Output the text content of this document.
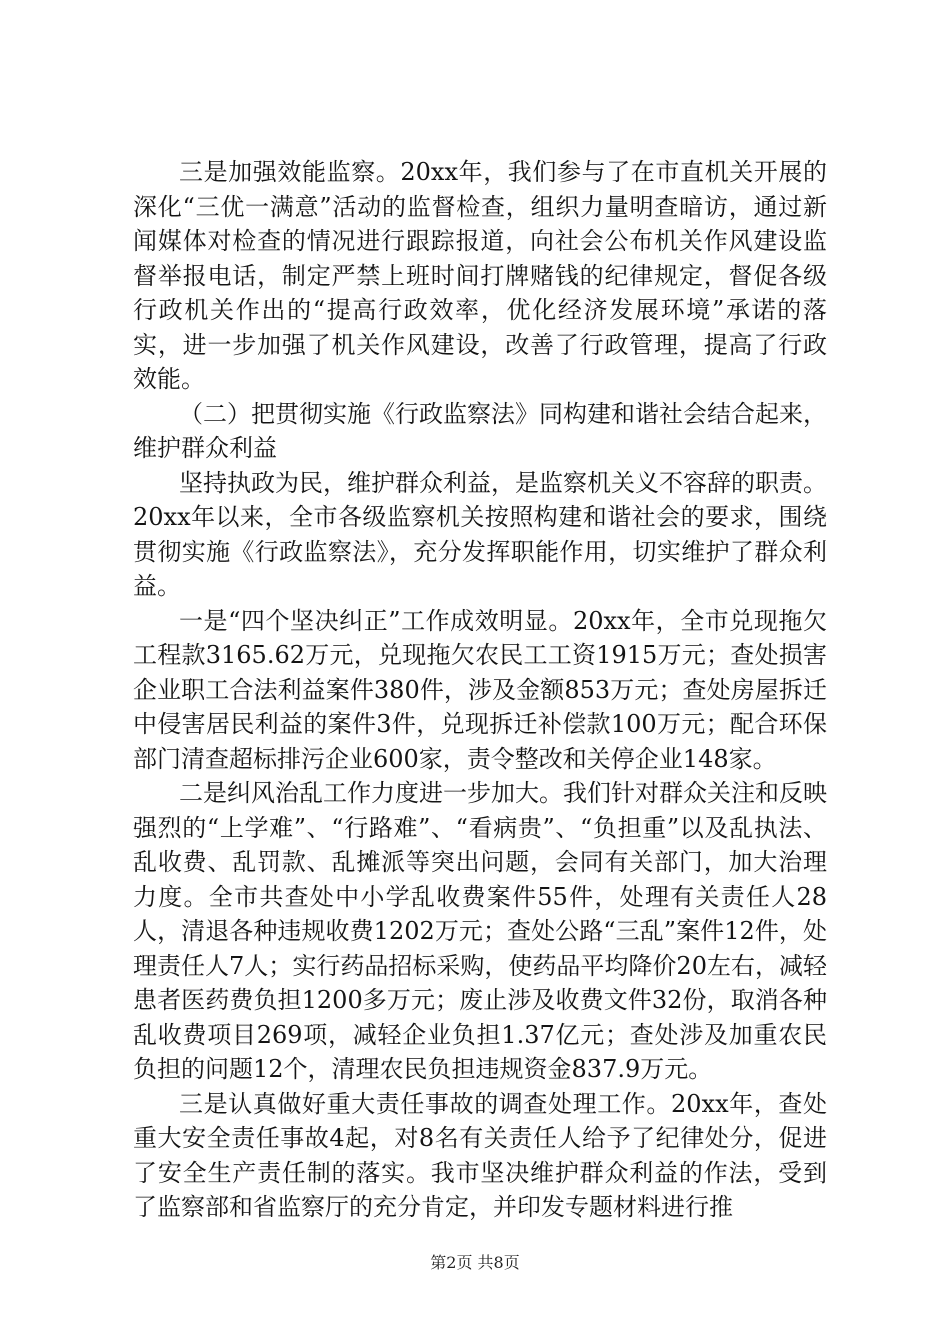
三是加强效能监察。20xx年，我们参与了在市直机关开展的深化“三优一满意”活动的监督检查，组织力量明查暗访，通过新闻媒体对检查的情况进行跟踪报道，向社会公布机关作风建设监督举报电话，制定严禁上班时间打牌赌钱的纪律规定，督促各级行政机关作出的“提高行政效率，优化经济发展环境”承诺的落实，进一步加强了机关作风建设，改善了行政管理，提高了行政效能。

（二）把贯彻实施《行政监察法》同构建和谐社会结合起来，维护群众利益

坚持执政为民，维护群众利益，是监察机关义不容辞的职责。20xx年以来，全市各级监察机关按照构建和谐社会的要求，围绕贯彻实施《行政监察法》，充分发挥职能作用，切实维护了群众利益。

一是“四个坚决纠正”工作成效明显。20xx年，全市兑现拖欠工程款3165.62万元，兑现拖欠农民工工资1915万元；查处损害企业职工合法利益案件380件，涉及金额853万元；查处房屋拆迁中侵害居民利益的案件3件，兑现拆迁补偿款100万元；配合环保部门清查超标排污企业600家，责令整改和关停企业148家。

二是纠风治乱工作力度进一步加大。我们针对群众关注和反映强烈的“上学难”、“行路难”、“看病贵”、“负担重”以及乱执法、乱收费、乱罚款、乱摊派等突出问题，会同有关部门，加大治理力度。全市共查处中小学乱收费案件55件，处理有关责任人28人，清退各种违规收费1202万元；查处公路“三乱”案件12件，处理责任人7人；实行药品招标采购，使药品平均降价20左右，减轻患者医药费负担1200多万元；废止涉及收费文件32份，取消各种乱收费项目269项，减轻企业负担1.37亿元；查处涉及加重农民负担的问题12个，清理农民负担违规资金837.9万元。

三是认真做好重大责任事故的调查处理工作。20xx年，查处重大安全责任事故4起，对8名有关责任人给予了纪律处分，促进了安全生产责任制的落实。我市坚决维护群众利益的作法，受到了监察部和省监察厅的充分肯定，并印发专题材料进行推

第2页 共8页
